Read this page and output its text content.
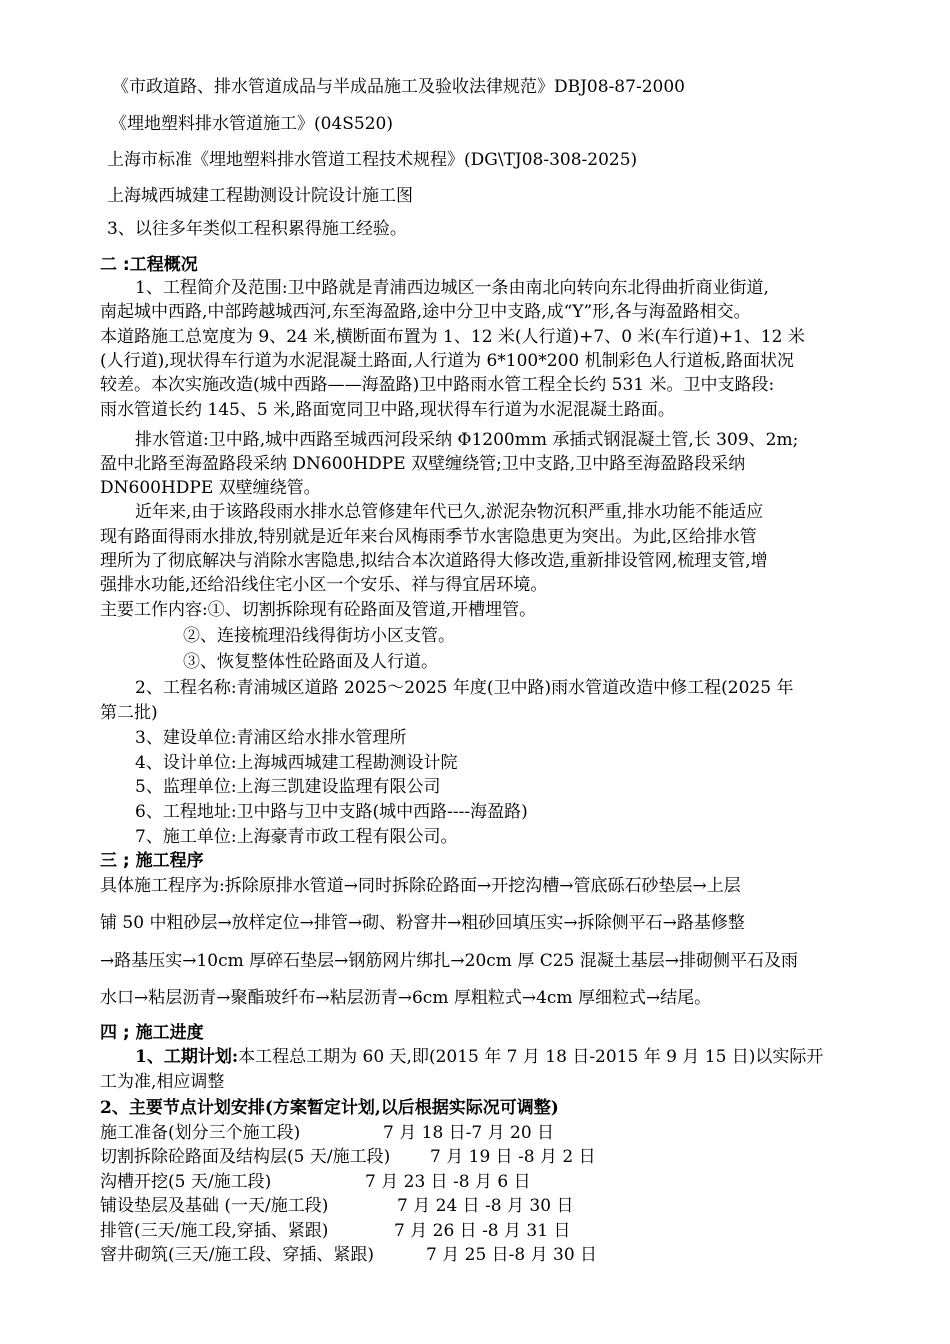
《市政道路、排水管道成品与半成品施工及验收法律规范》DBJ08-87-2000
《埋地塑料排水管道施工》(04S520)
上海市标准《埋地塑料排水管道工程技术规程》(DG\TJ08-308-2025)
上海城西城建工程勘测设计院设计施工图
3、以往多年类似工程积累得施工经验。
二 :工程概况
1、工程简介及范围:卫中路就是青浦西边城区一条由南北向转向东北得曲折商业街道,
南起城中西路,中部跨越城西河,东至海盈路,途中分卫中支路,成“Y”形,各与海盈路相交。
本道路施工总宽度为 9、24 米,横断面布置为 1、12 米(人行道)+7、0 米(车行道)+1、12 米
(人行道),现状得车行道为水泥混凝土路面,人行道为 6*100*200 机制彩色人行道板,路面状况
较差。本次实施改造(城中西路——海盈路)卫中路雨水管工程全长约 531 米。卫中支路段:
雨水管道长约 145、5 米,路面宽同卫中路,现状得车行道为水泥混凝土路面。
排水管道:卫中路,城中西路至城西河段采纳 Φ1200mm 承插式钢混凝土管,长 309、2m;
盈中北路至海盈路段采纳 DN600HDPE 双壁缠绕管;卫中支路,卫中路至海盈路段采纳
DN600HDPE 双壁缠绕管。
近年来,由于该路段雨水排水总管修建年代已久,淤泥杂物沉积严重,排水功能不能适应
现有路面得雨水排放,特别就是近年来台风梅雨季节水害隐患更为突出。为此,区给排水管
理所为了彻底解决与消除水害隐患,拟结合本次道路得大修改造,重新排设管网,梳理支管,增
强排水功能,还给沿线住宅小区一个安乐、祥与得宜居环境。
主要工作内容:①、切割拆除现有砼路面及管道,开槽埋管。
②、连接梳理沿线得街坊小区支管。
③、恢复整体性砼路面及人行道。
2、工程名称:青浦城区道路 2025～2025 年度(卫中路)雨水管道改造中修工程(2025 年
第二批)
3、建设单位:青浦区给水排水管理所
4、设计单位:上海城西城建工程勘测设计院
5、监理单位:上海三凯建设监理有限公司
6、工程地址:卫中路与卫中支路(城中西路----海盈路)
7、施工单位:上海豪青市政工程有限公司。
三 ; 施工程序
具体施工程序为:拆除原排水管道→同时拆除砼路面→开挖沟槽→管底砾石砂垫层→上层
铺 50 中粗砂层→放样定位→排管→砌、粉窨井→粗砂回填压实→拆除侧平石→路基修整
→路基压实→10cm 厚碎石垫层→钢筋网片绑扎→20cm 厚 C25 混凝土基层→排砌侧平石及雨
水口→粘层沥青→聚酯玻纤布→粘层沥青→6cm 厚粗粒式→4cm 厚细粒式→结尾。
四 ; 施工进度
1、工期计划:本工程总工期为 60 天,即(2015 年 7 月 18 日-2015 年 9 月 15 日)以实际开
工为准,相应调整
2、主要节点计划安排(方案暂定计划,以后根据实际况可调整)
施工准备(划分三个施工段)	7 月 18 日-7 月 20 日
切割拆除砼路面及结构层(5 天/施工段) 7 月 19 日 -8 月 2 日
沟槽开挖(5 天/施工段)	7 月 23 日 -8 月 6 日
铺设垫层及基础 (一天/施工段)	7 月 24 日 -8 月 30 日
排管(三天/施工段,穿插、紧跟)	7 月 26 日 -8 月 31 日
窨井砌筑(三天/施工段、穿插、紧跟)	7 月 25 日-8 月 30 日
